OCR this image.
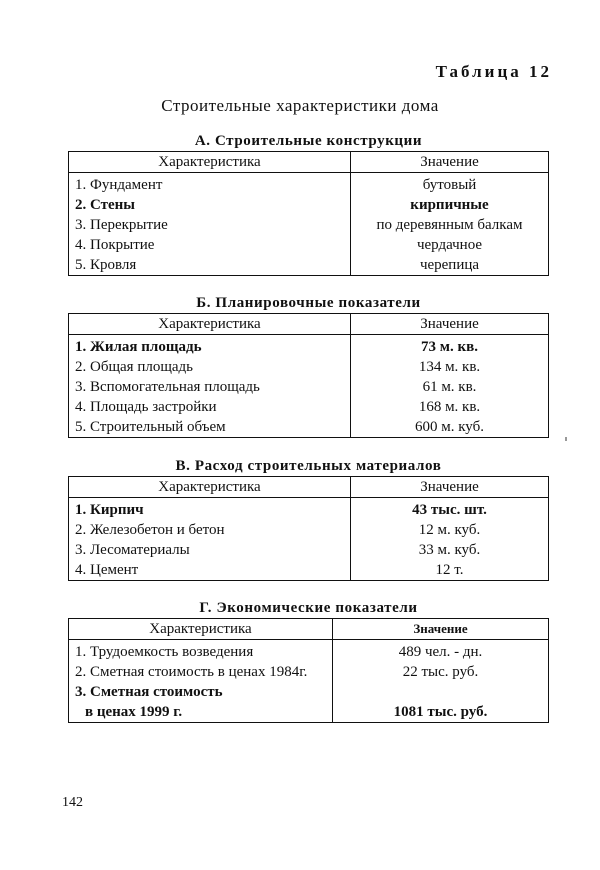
Таблица 12
Строительные характеристики дома
А. Строительные конструкции
Характеристика	Значение
1. Фундамент	бутовый
2. Стены	кирпичные
3. Перекрытие	по деревянным балкам
4. Покрытие	чердачное
5. Кровля	черепица
Б. Планировочные показатели
Характеристика	Значение
1. Жилая площадь	73 м. кв.
2. Общая площадь	134 м. кв.
3. Вспомогательная площадь	61 м. кв.
4. Площадь застройки	168 м. кв.
5. Строительный объем	600 м. куб.
В. Расход строительных материалов
Характеристика	Значение
1. Кирпич	43 тыс. шт.
2. Железобетон и бетон	12 м. куб.
3. Лесоматериалы	33 м. куб.
4. Цемент	12 т.
Г. Экономические показатели
Характеристика	Значение
1. Трудоемкость возведения	489 чел. - дн.
2. Сметная стоимость в ценах 1984г.	22 тыс. руб.
3. Сметная стоимость	
в ценах 1999 г.	1081 тыс. руб.
142
